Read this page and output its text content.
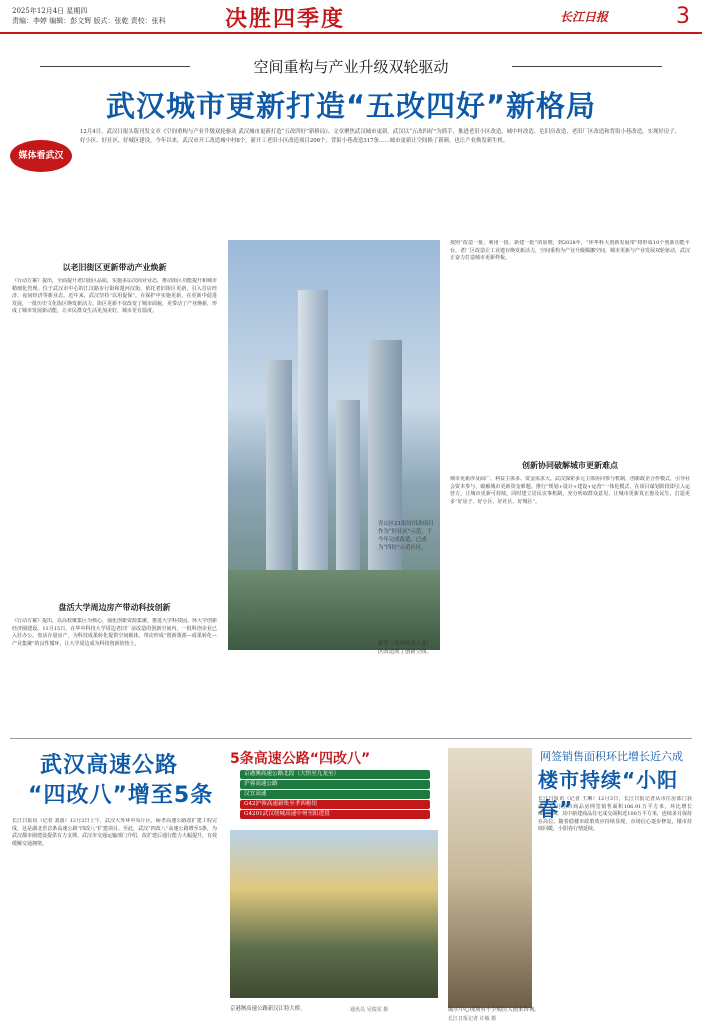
2025年12月4日 星期四
责编：李婷 编辑：彭文辉 版式：张乾 责校：张科	决胜四季度	长江日报	3
空间重构与产业升级双轮驱动
武汉城市更新打造“五改四好”新格局
媒体看武汉
12月4日，武汉日报头版刊发文章《空间重构与产业升级双轮驱动 武汉城市更新打造“五改四好”新格局》。文章聚焦武汉城市更新。武汉以“五改四好”为抓手，推进老旧小区改造、城中村改造、危旧房改造、老旧厂区改造和背街小巷改造，实现好房子、好小区、好社区、好城区建设。今年以来，武汉市开工改造城中村8个，新开工老旧小区改造项目206个，背街小巷改造317条……城市更新让空间换了新颜，也让产业焕发新生机。
以老旧街区更新带动产业焕新
《行动方案》提出，全面提升老旧街区品质，实施多层次商业业态，推动街区功能提升和城市精细化管理。位于武汉市中心的江汉路步行街和楚河汉街，依托老旧街区更新，引入首店经济、夜间经济等新业态。近年来，武汉坚持“以用促保”，在保护中实施更新，在更新中促进发展，一批历史文化街区焕发新活力。街区更新不仅改变了城市面貌，更带动了产业焕新，形成了城市发展新动能，让市民群众生活更加美好，城市更有温度。
盘活大学周边房产带动科技创新
《行动方案》提出，以高校聚集区为核心，强化创新资源集聚，推进大学科技园、环大学创新经济圈建设。11月15日，在华中科技大学周边老旧厂房改造的创新空间内，一批科创企业已入驻办公。盘活存量房产，为科技成果转化提供空间载体，带动形成“创新策源—成果转化—产业集聚”的良性循环，让大学周边成为科技创新的热土。
青山区21街坊旧改项目作为“好社区”示范，于今年完成改造，已成为“四好”示范社区。
紧邻三环线的老工业厂区改造成了创新空间。
按照“改造一批、利用一批、新建一批”的原则，到2028年，“环华科大创新发展带”将形成10个创新功能平台。老厂区改造让工业遗存焕发新活力，空间重构为产业升级腾挪空间，城市更新与产业发展双轮驱动，武汉正奋力打造城市更新样板。
创新协同破解城市更新难点
城市更新涉及面广、利益主体多、资金需求大。武汉探索多元主体协同参与机制，创新政企合作模式，引导社会资本参与，破解城市更新资金难题。推行“规划+设计+建设+运营”一体化模式，在项目谋划阶段即引入运营方，让城市更新可持续。同时建立居民议事机制，充分听取群众意见，让城市更新真正惠及民生，打造更多“好房子、好小区、好社区、好城区”。
武汉高速公路
“四改八”增至5条
长江日报讯（记者 刘波）12月2日上午，武汉大外环中央片区，硚孝高速公路改扩建工程完成，这是湖北省首条高速公路“四改八”扩建项目。至此，武汉“四改八”高速公路增至5条，为武汉都市圈建设提供有力支撑。武汉市交通运输部门介绍，改扩建后通行能力大幅提升，有效缓解交通拥堵。
5条高速公路“四改八”
京港澳高速公路北段（大悟至九龙至）
沪蓉高速公路
汉宜高速
G42沪蓉高速新集至孝西枢纽
G4201武汉绕城高速中州至阳逻段
京港澳高速公路新汉江特大桥。	通讯员 吴瑞雯 摄
网签销售面积环比增长近六成
楼市持续“小阳春”
长江日报讯（记者 王琳）12月3日，长江日报记者从市住房部门获悉，11月全市商品房网签销售面积106.91万平方米，环比增长56.99%，其中新建商品住宅成交面积近100万平方米，连续多月保持在高位。随着稳楼市政策效应持续显现，市场信心逐步修复，楼市持续回暖，小阳春行情延续。
展示中心现场有不少购房人前来咨询。
长江日报记者 许敏 摄
